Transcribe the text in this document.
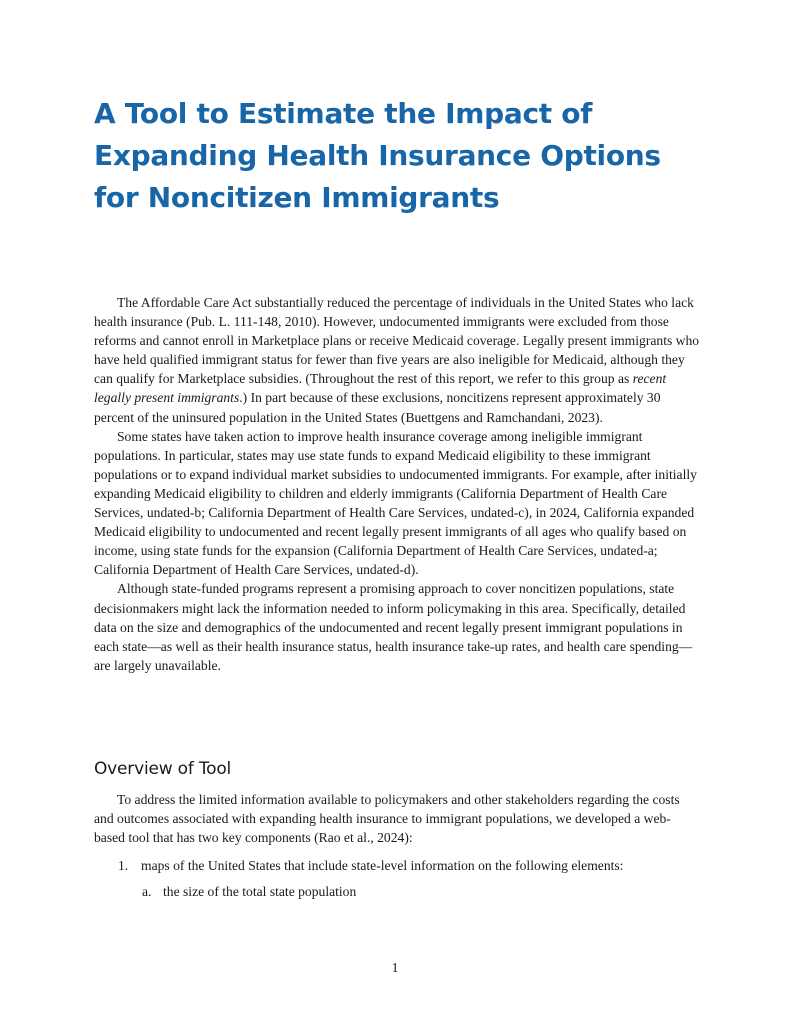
A Tool to Estimate the Impact of
Expanding Health Insurance Options
for Noncitizen Immigrants

The Affordable Care Act substantially reduced the percentage of individuals in the United States who lack health insurance (Pub. L. 111-148, 2010). However, undocumented immigrants were excluded from those reforms and cannot enroll in Marketplace plans or receive Medicaid coverage. Legally present immigrants who have held qualified immigrant status for fewer than five years are also ineligible for Medicaid, although they can qualify for Marketplace subsidies. (Throughout the rest of this report, we refer to this group as recent legally present immigrants.) In part because of these exclusions, noncitizens represent approximately 30 percent of the uninsured population in the United States (Buettgens and Ramchandani, 2023).

Some states have taken action to improve health insurance coverage among ineligible immigrant populations. In particular, states may use state funds to expand Medicaid eligibility to these immigrant populations or to expand individual market subsidies to undocumented immigrants. For example, after initially expanding Medicaid eligibility to children and elderly immigrants (California Department of Health Care Services, undated-b; California Department of Health Care Services, undated-c), in 2024, California expanded Medicaid eligibility to undocumented and recent legally present immigrants of all ages who qualify based on income, using state funds for the expansion (California Department of Health Care Services, undated-a; California Department of Health Care Services, undated-d).

Although state-funded programs represent a promising approach to cover noncitizen populations, state decisionmakers might lack the information needed to inform policymaking in this area. Specifically, detailed data on the size and demographics of the undocumented and recent legally present immigrant populations in each state—as well as their health insurance status, health insurance take-up rates, and health care spending—are largely unavailable.

Overview of Tool

To address the limited information available to policymakers and other stakeholders regarding the costs and outcomes associated with expanding health insurance to immigrant populations, we developed a web-based tool that has two key components (Rao et al., 2024):

1. maps of the United States that include state-level information on the following elements:
a. the size of the total state population
1
